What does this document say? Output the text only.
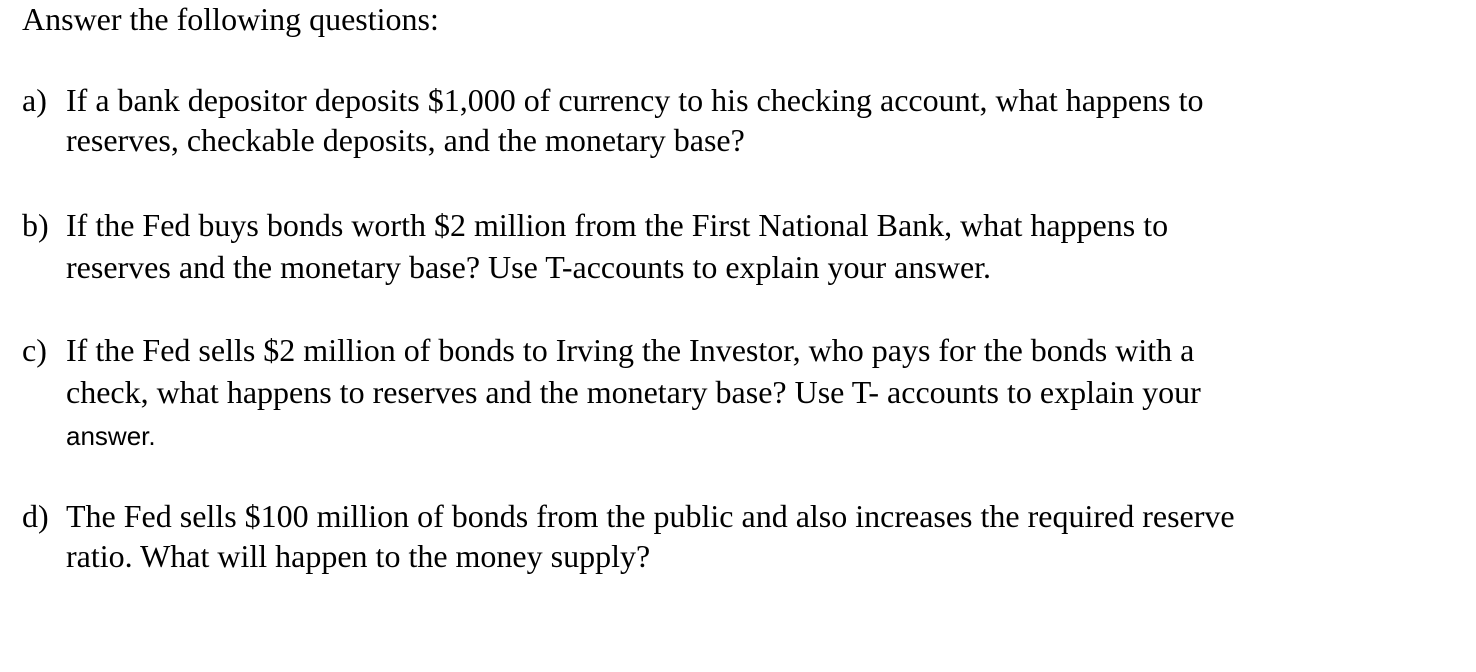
Answer the following questions:
a) If a bank depositor deposits $1,000 of currency to his checking account, what happens to
reserves, checkable deposits, and the monetary base?
b) If the Fed buys bonds worth $2 million from the First National Bank, what happens to
reserves and the monetary base? Use T-accounts to explain your answer.
c) If the Fed sells $2 million of bonds to Irving the Investor, who pays for the bonds with a
check, what happens to reserves and the monetary base? Use T- accounts to explain your
answer.
d) The Fed sells $100 million of bonds from the public and also increases the required reserve
ratio. What will happen to the money supply?
